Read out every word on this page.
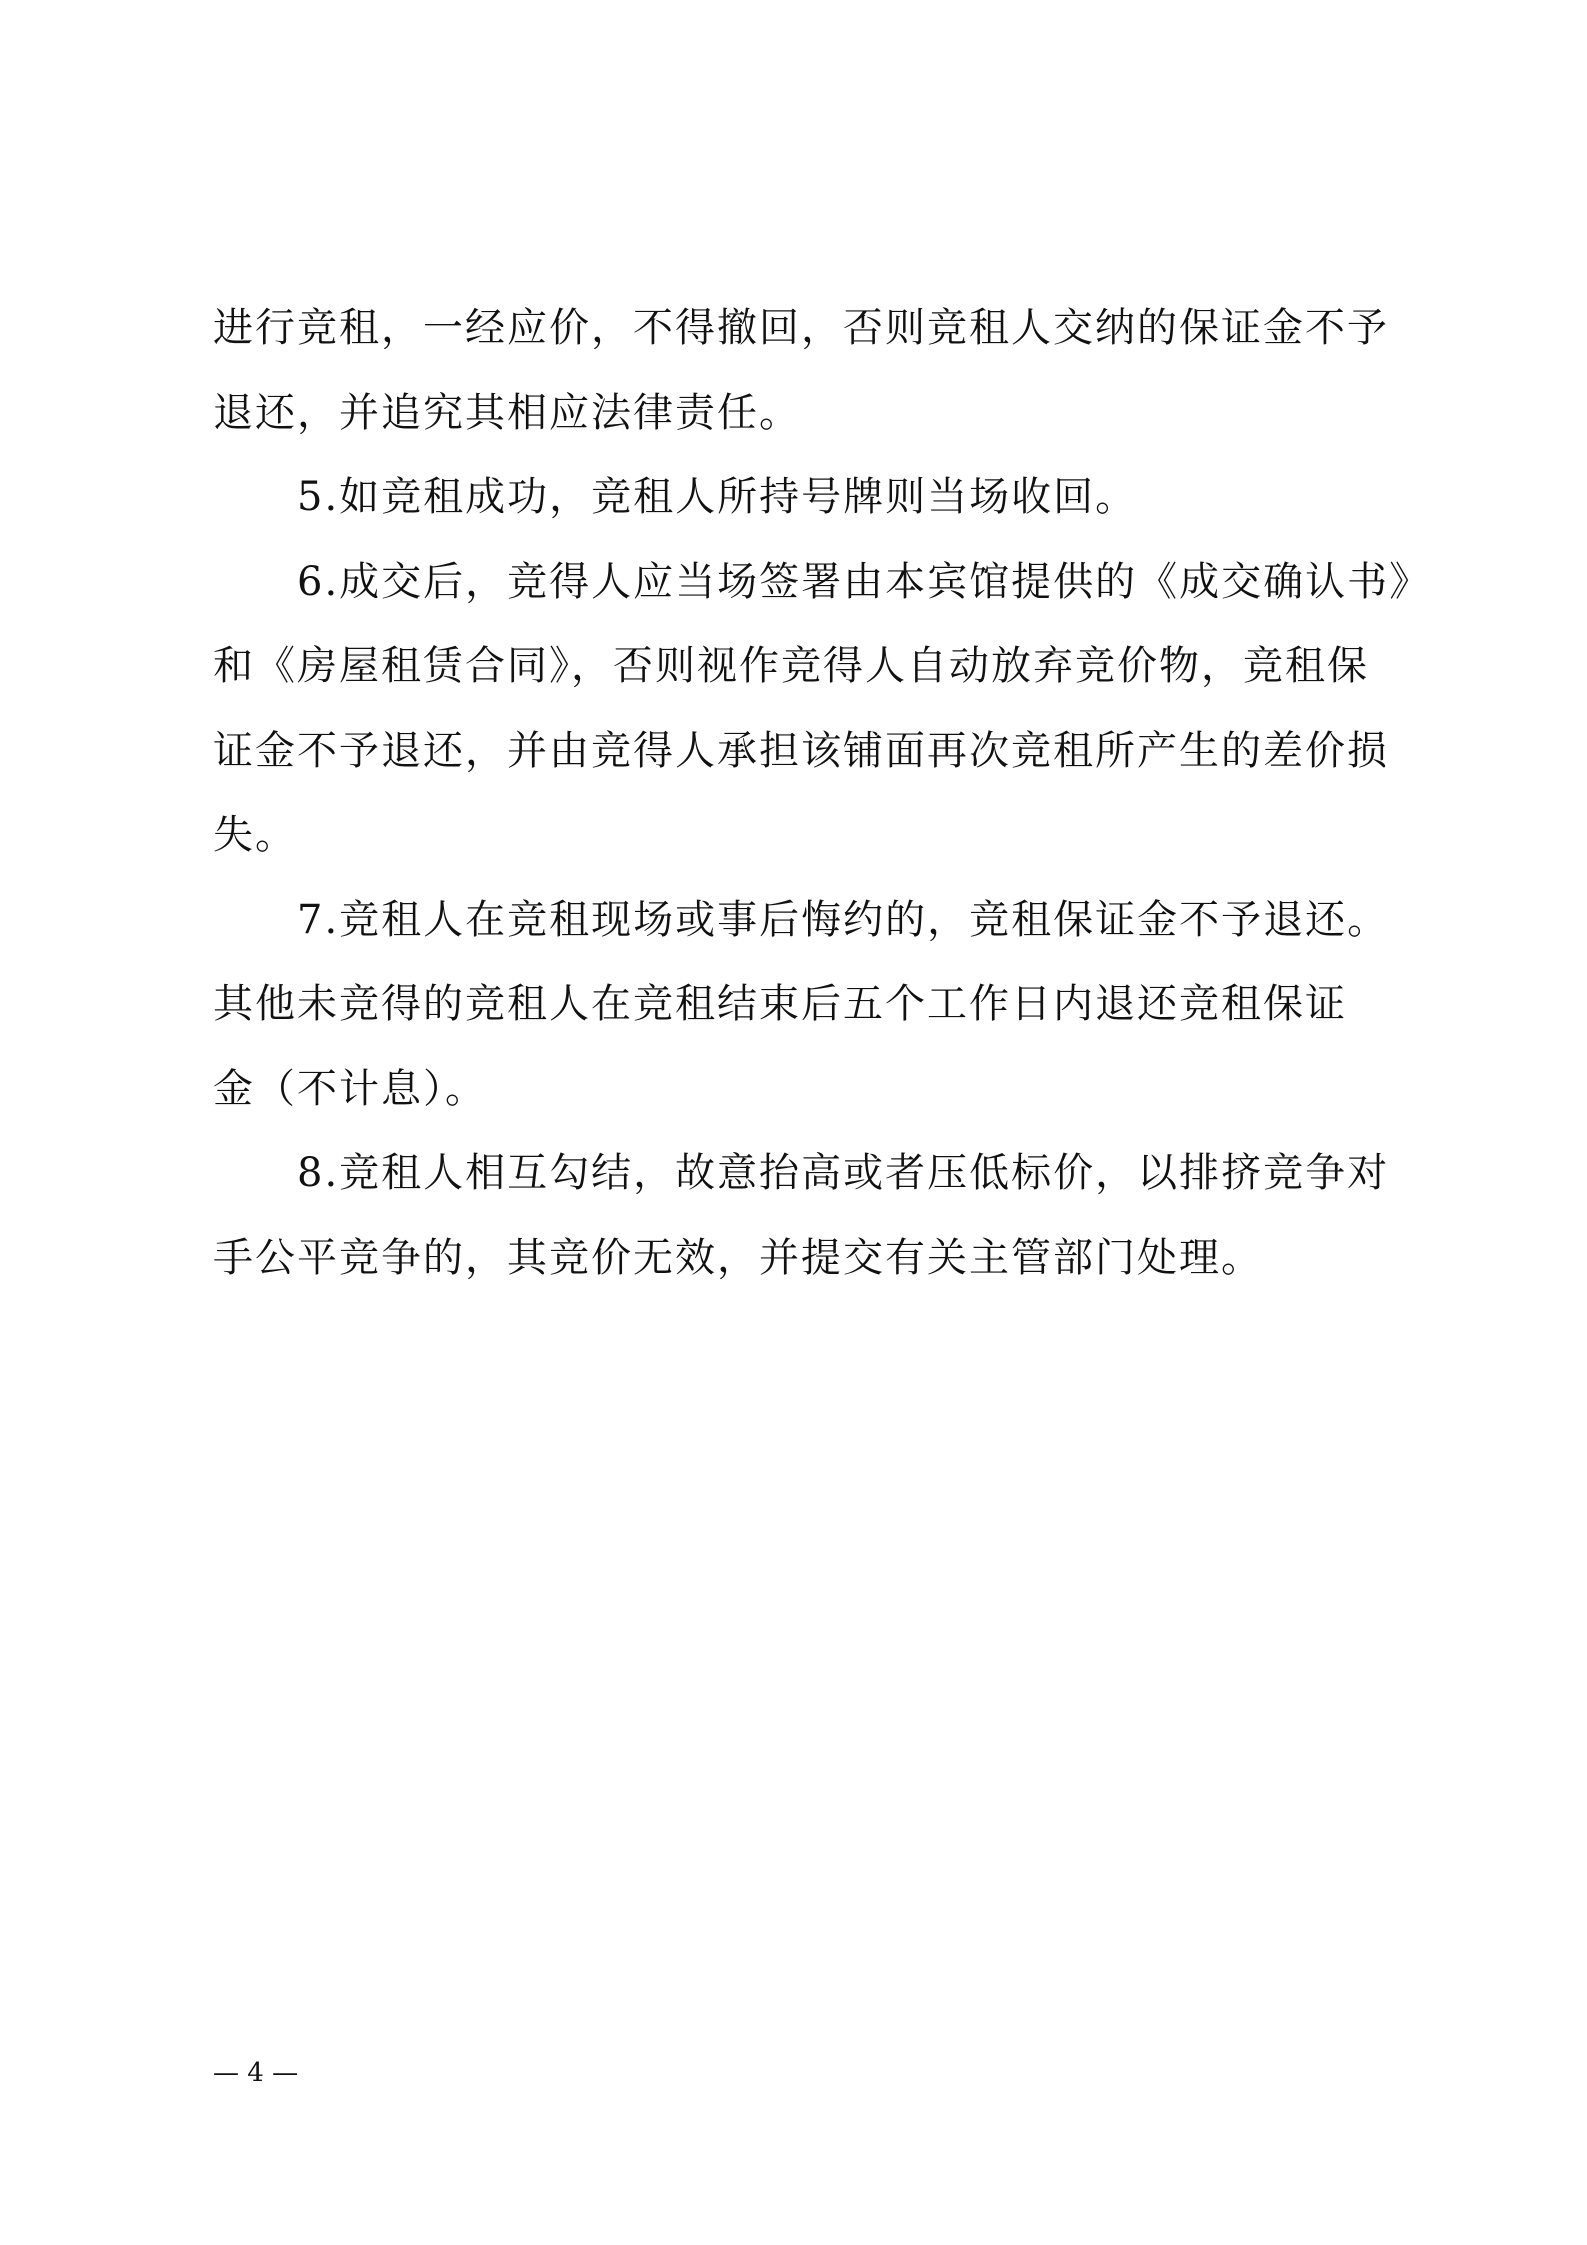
进行竞租，一经应价，不得撤回，否则竞租人交纳的保证金不予
退还，并追究其相应法律责任。
5.如竞租成功，竞租人所持号牌则当场收回。
6.成交后，竞得人应当场签署由本宾馆提供的《成交确认书》
和《房屋租赁合同》，否则视作竞得人自动放弃竞价物，竞租保
证金不予退还，并由竞得人承担该铺面再次竞租所产生的差价损
失。
7.竞租人在竞租现场或事后悔约的，竞租保证金不予退还。
其他未竞得的竞租人在竞租结束后五个工作日内退还竞租保证
金（不计息）。
8.竞租人相互勾结，故意抬高或者压低标价，以排挤竞争对
手公平竞争的，其竞价无效，并提交有关主管部门处理。
— 4 —
